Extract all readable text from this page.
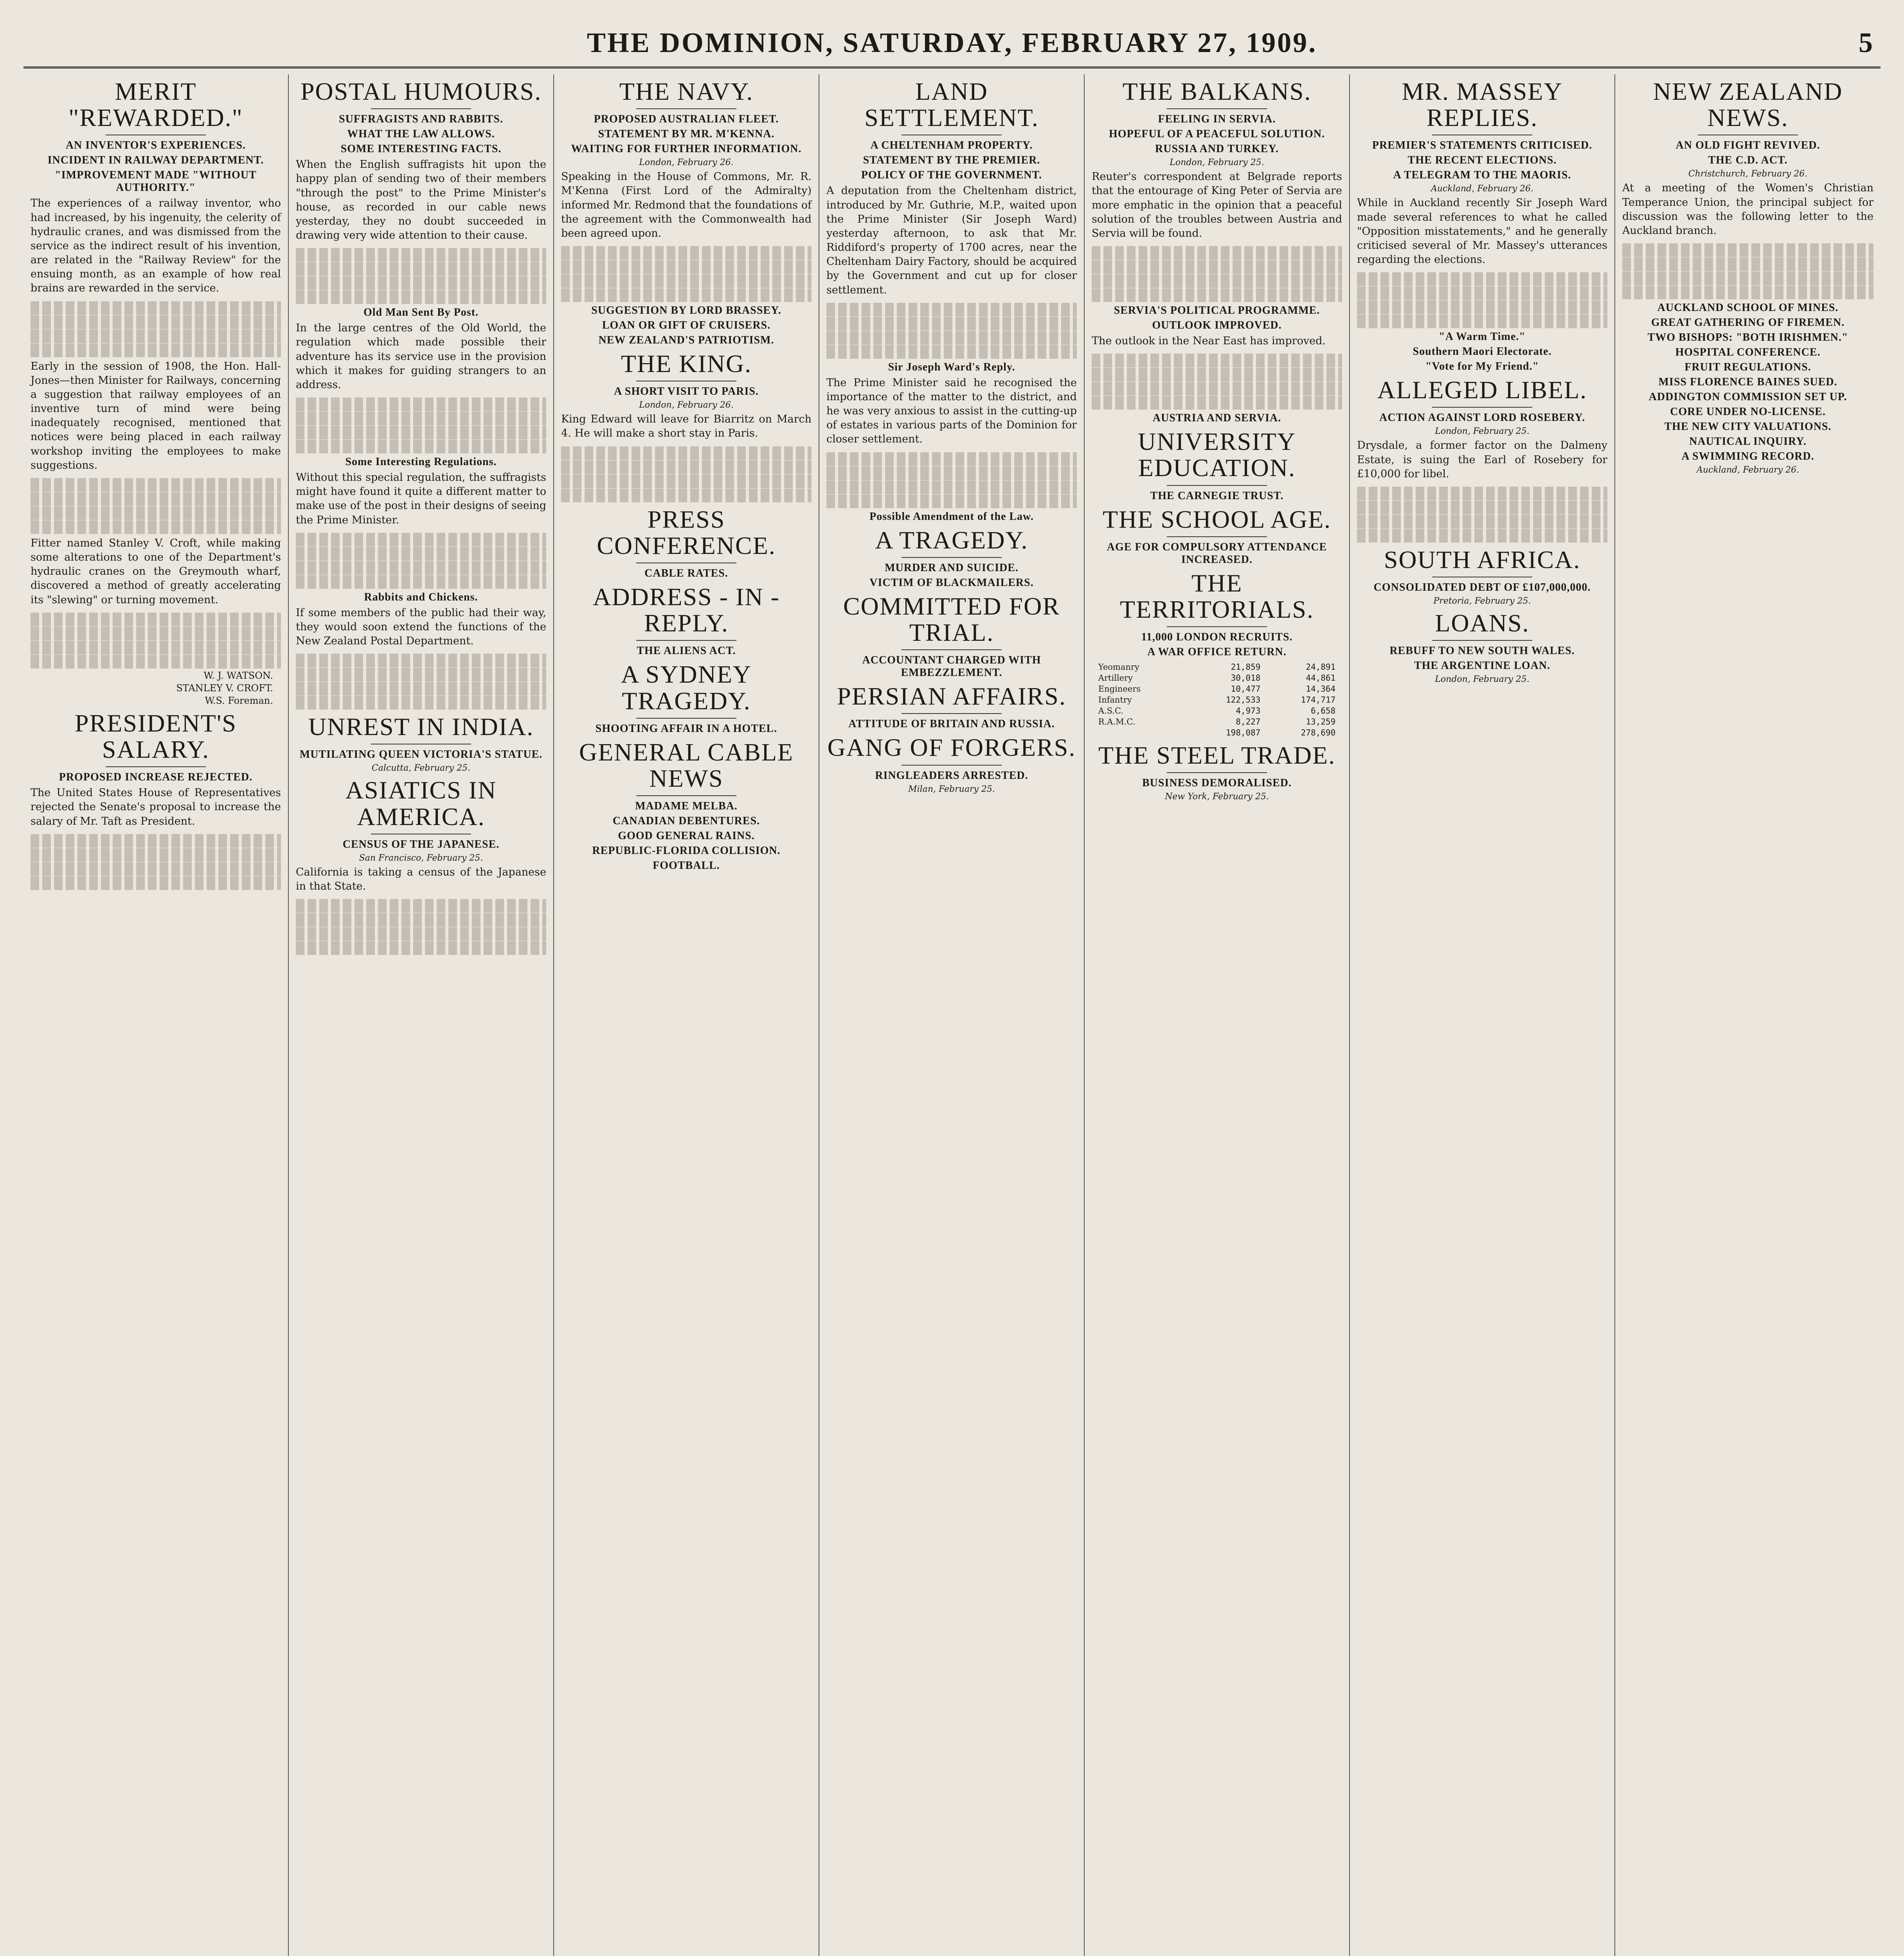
THE DOMINION, SATURDAY, FEBRUARY 27, 1909.	5
MERIT "REWARDED."
AN INVENTOR'S EXPERIENCES.
INCIDENT IN RAILWAY DEPARTMENT.
"IMPROVEMENT MADE "WITHOUT AUTHORITY."
The experiences of a railway inventor, who had increased, by his ingenuity, the celerity of hydraulic cranes, and was dismissed from the service as the indirect result of his invention, are related in the "Railway Review" for the ensuing month, as an example of how real brains are rewarded in the service.
Early in the session of 1908, the Hon. Hall-Jones—then Minister for Railways, concerning a suggestion that railway employees of an inventive turn of mind were being inadequately recognised, mentioned that notices were being placed in each railway workshop inviting the employees to make suggestions.
Fitter named Stanley V. Croft, while making some alterations to one of the Department's hydraulic cranes on the Greymouth wharf, discovered a method of greatly accelerating its "slewing" or turning movement.
W. J. WATSON.
STANLEY V. CROFT.
W.S. Foreman.
PRESIDENT'S SALARY.
PROPOSED INCREASE REJECTED.
The United States House of Representatives rejected the Senate's proposal to increase the salary of Mr. Taft as President.
POSTAL HUMOURS.
SUFFRAGISTS AND RABBITS.
WHAT THE LAW ALLOWS.
SOME INTERESTING FACTS.
When the English suffragists hit upon the happy plan of sending two of their members "through the post" to the Prime Minister's house, as recorded in our cable news yesterday, they no doubt succeeded in drawing very wide attention to their cause.
Old Man Sent By Post.
In the large centres of the Old World, the regulation which made possible their adventure has its service use in the provision which it makes for guiding strangers to an address.
Some Interesting Regulations.
Without this special regulation, the suffragists might have found it quite a different matter to make use of the post in their designs of seeing the Prime Minister.
Rabbits and Chickens.
If some members of the public had their way, they would soon extend the functions of the New Zealand Postal Department.
UNREST IN INDIA.
MUTILATING QUEEN VICTORIA'S STATUE.
Calcutta, February 25.
ASIATICS IN AMERICA.
CENSUS OF THE JAPANESE.
San Francisco, February 25.
California is taking a census of the Japanese in that State.
THE NAVY.
PROPOSED AUSTRALIAN FLEET.
STATEMENT BY MR. M'KENNA.
WAITING FOR FURTHER INFORMATION.
London, February 26.
Speaking in the House of Commons, Mr. R. M'Kenna (First Lord of the Admiralty) informed Mr. Redmond that the foundations of the agreement with the Commonwealth had been agreed upon.
SUGGESTION BY LORD BRASSEY.
LOAN OR GIFT OF CRUISERS.
NEW ZEALAND'S PATRIOTISM.
THE KING.
A SHORT VISIT TO PARIS.
London, February 26.
King Edward will leave for Biarritz on March 4. He will make a short stay in Paris.
PRESS CONFERENCE.
CABLE RATES.
ADDRESS - IN - REPLY.
THE ALIENS ACT.
A SYDNEY TRAGEDY.
SHOOTING AFFAIR IN A HOTEL.
GENERAL CABLE NEWS
MADAME MELBA.
CANADIAN DEBENTURES.
GOOD GENERAL RAINS.
REPUBLIC-FLORIDA COLLISION.
FOOTBALL.
LAND SETTLEMENT.
A CHELTENHAM PROPERTY.
STATEMENT BY THE PREMIER.
POLICY OF THE GOVERNMENT.
A deputation from the Cheltenham district, introduced by Mr. Guthrie, M.P., waited upon the Prime Minister (Sir Joseph Ward) yesterday afternoon, to ask that Mr. Riddiford's property of 1700 acres, near the Cheltenham Dairy Factory, should be acquired by the Government and cut up for closer settlement.
Sir Joseph Ward's Reply.
The Prime Minister said he recognised the importance of the matter to the district, and he was very anxious to assist in the cutting-up of estates in various parts of the Dominion for closer settlement.
Possible Amendment of the Law.
A TRAGEDY.
MURDER AND SUICIDE.
VICTIM OF BLACKMAILERS.
COMMITTED FOR TRIAL.
ACCOUNTANT CHARGED WITH EMBEZZLEMENT.
PERSIAN AFFAIRS.
ATTITUDE OF BRITAIN AND RUSSIA.
GANG OF FORGERS.
RINGLEADERS ARRESTED.
Milan, February 25.
THE BALKANS.
FEELING IN SERVIA.
HOPEFUL OF A PEACEFUL SOLUTION.
RUSSIA AND TURKEY.
London, February 25.
Reuter's correspondent at Belgrade reports that the entourage of King Peter of Servia are more emphatic in the opinion that a peaceful solution of the troubles between Austria and Servia will be found.
SERVIA'S POLITICAL PROGRAMME.
OUTLOOK IMPROVED.
The outlook in the Near East has improved.
AUSTRIA AND SERVIA.
UNIVERSITY EDUCATION.
THE CARNEGIE TRUST.
THE SCHOOL AGE.
AGE FOR COMPULSORY ATTENDANCE INCREASED.
THE TERRITORIALS.
11,000 LONDON RECRUITS.
A WAR OFFICE RETURN.
Yeomanry	21,859	24,891
Artillery	30,018	44,861
Engineers	10,477	14,364
Infantry	122,533	174,717
A.S.C.	4,973	6,658
R.A.M.C.	8,227	13,259
	198,087	278,690
THE STEEL TRADE.
BUSINESS DEMORALISED.
New York, February 25.
MR. MASSEY REPLIES.
PREMIER'S STATEMENTS CRITICISED.
THE RECENT ELECTIONS.
A TELEGRAM TO THE MAORIS.
Auckland, February 26.
While in Auckland recently Sir Joseph Ward made several references to what he called "Opposition misstatements," and he generally criticised several of Mr. Massey's utterances regarding the elections.
"A Warm Time."
Southern Maori Electorate.
"Vote for My Friend."
ALLEGED LIBEL.
ACTION AGAINST LORD ROSEBERY.
London, February 25.
Drysdale, a former factor on the Dalmeny Estate, is suing the Earl of Rosebery for £10,000 for libel.
SOUTH AFRICA.
CONSOLIDATED DEBT OF £107,000,000.
Pretoria, February 25.
LOANS.
REBUFF TO NEW SOUTH WALES.
THE ARGENTINE LOAN.
London, February 25.
NEW ZEALAND NEWS.
AN OLD FIGHT REVIVED.
THE C.D. ACT.
Christchurch, February 26.
At a meeting of the Women's Christian Temperance Union, the principal subject for discussion was the following letter to the Auckland branch.
AUCKLAND SCHOOL OF MINES.
GREAT GATHERING OF FIREMEN.
TWO BISHOPS: "BOTH IRISHMEN."
HOSPITAL CONFERENCE.
FRUIT REGULATIONS.
MISS FLORENCE BAINES SUED.
ADDINGTON COMMISSION SET UP.
CORE UNDER NO-LICENSE.
THE NEW CITY VALUATIONS.
NAUTICAL INQUIRY.
A SWIMMING RECORD.
Auckland, February 26.
